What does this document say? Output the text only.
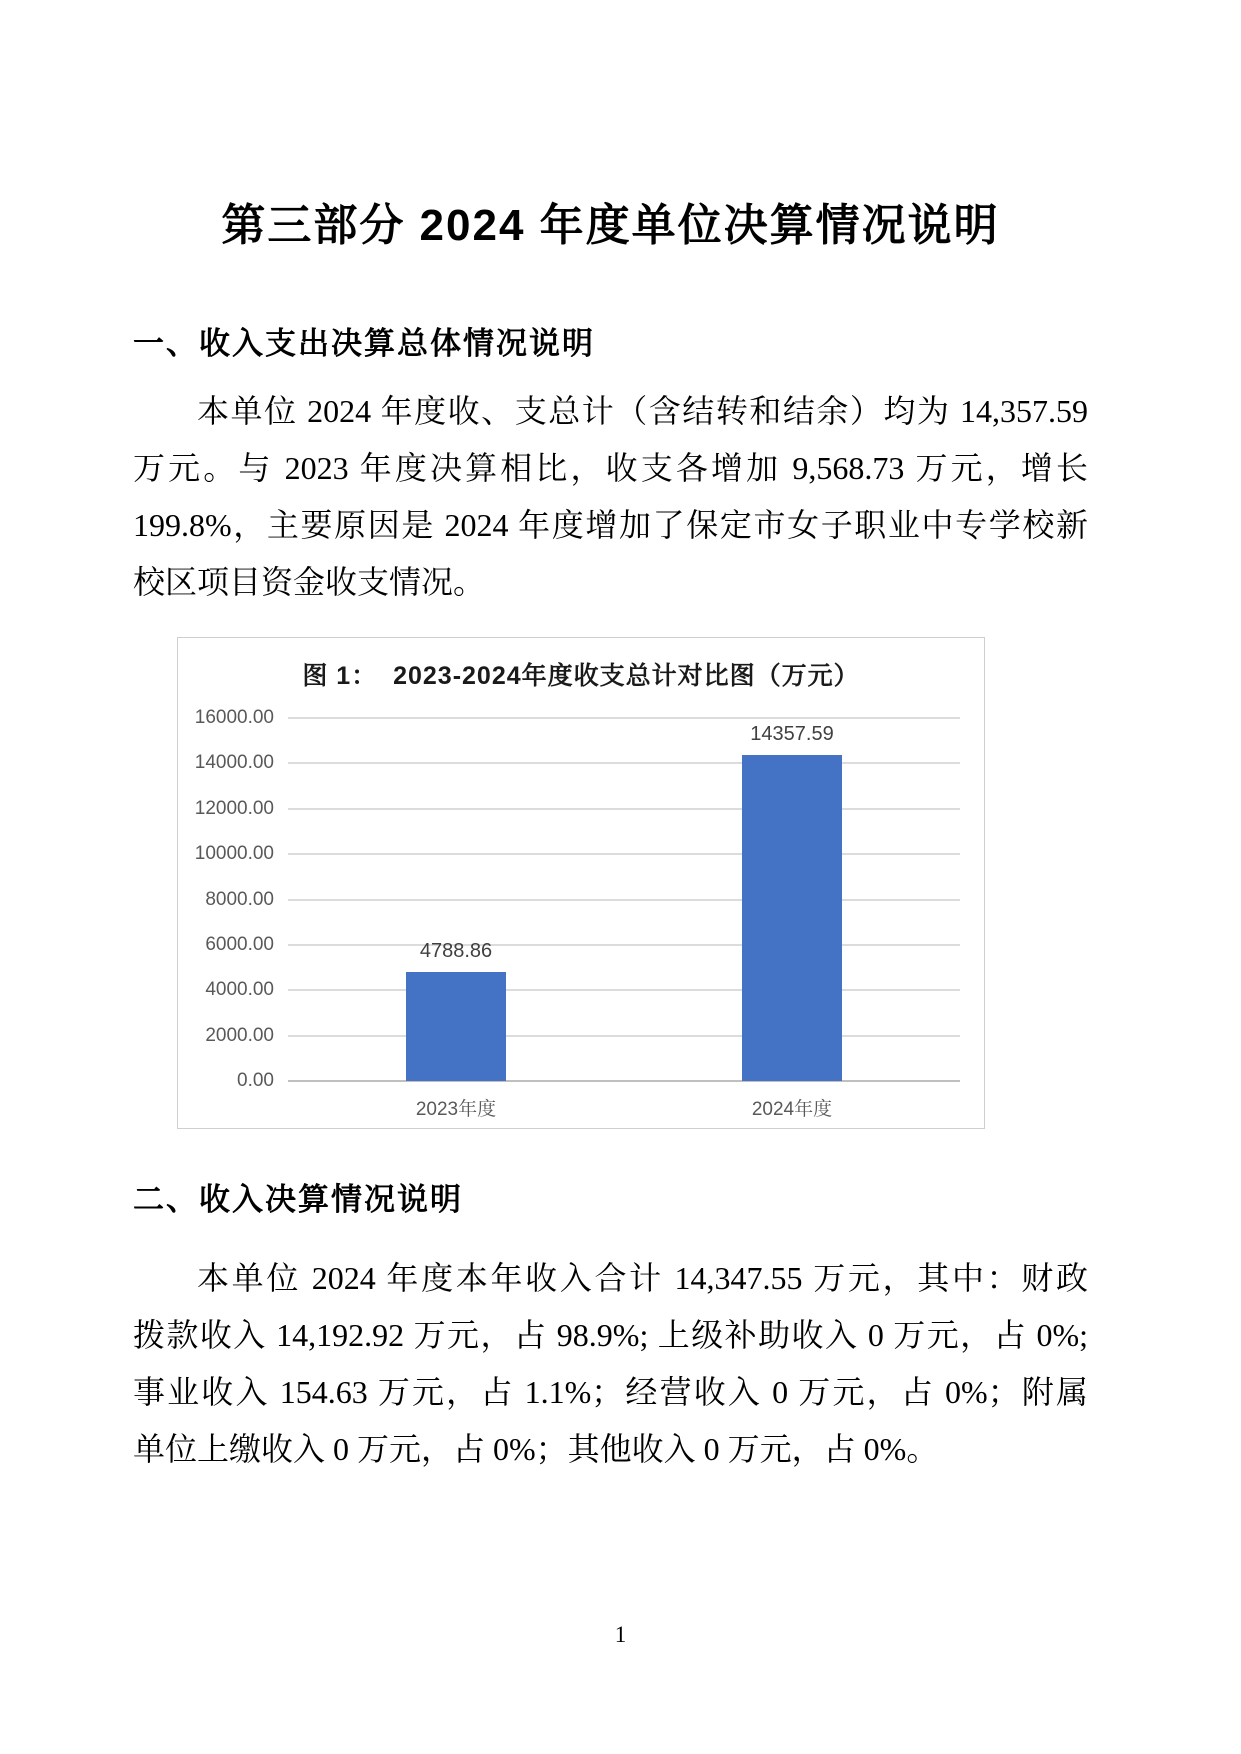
第三部分 2024 年度单位决算情况说明
一、收入支出决算总体情况说明
本单位 2024 年度收、支总计（含结转和结余）均为 14,357.59
万元。与 2023 年度决算相比，收支各增加 9,568.73 万元，增长
199.8%，主要原因是 2024 年度增加了保定市女子职业中专学校新
校区项目资金收支情况。
图 1：  2023-2024年度收支总计对比图（万元）
16000.00
14000.00
12000.00
10000.00
8000.00
6000.00
4000.00
2000.00
0.00
4788.86
14357.59
2023年度	2024年度
二、收入决算情况说明
本单位 2024 年度本年收入合计 14,347.55 万元，其中：财政
拨款收入 14,192.92 万元，占 98.9%; 上级补助收入 0 万元，占 0%;
事业收入 154.63 万元，占 1.1%；经营收入 0 万元，占 0%；附属
单位上缴收入 0 万元，占 0%；其他收入 0 万元，占 0%。
1
